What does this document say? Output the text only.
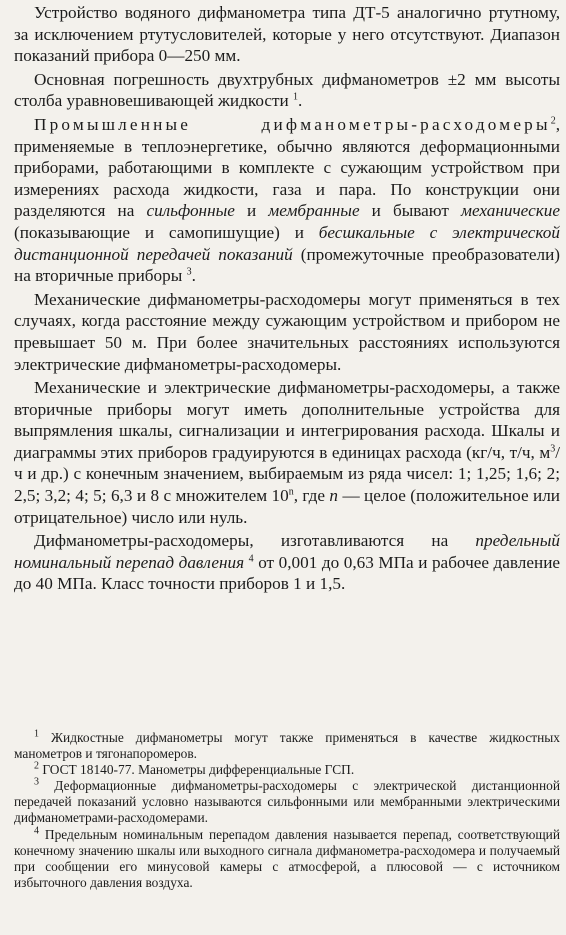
Устройство водяного дифманометра типа ДТ-5 аналогично ртутному, за исключением ртутусловителей, которые у него отсутствуют. Диапазон показаний прибора 0—250 мм.

Основная погрешность двухтрубных дифманометров ±2 мм высоты столба уравновешивающей жидкости $^1$.

Промышленные дифманометры-расходомеры$^2$, применяемые в теплоэнергетике, обычно являются деформационными приборами, работающими в комплекте с сужающим устройством при измерениях расхода жидкости, газа и пара. По конструкции они разделяются на сильфонные и мембранные и бывают механические (показывающие и самопишущие) и бесшкальные с электрической дистанционной передачей показаний (промежуточные преобразователи) на вторичные приборы $^3$.

Механические дифманометры-расходомеры могут применяться в тех случаях, когда расстояние между сужающим устройством и прибором не превышает 50 м. При более значительных расстояниях используются электрические дифманометры-расходомеры.

Механические и электрические дифманометры-расходомеры, а также вторичные приборы могут иметь дополнительные устройства для выпрямления шкалы, сигнализации и интегрирования расхода. Шкалы и диаграммы этих приборов градуируются в единицах расхода (кг/ч, т/ч, $м^3/ч$ и др.) с конечным значением, выбираемым из ряда чисел: 1; 1,25; 1,6; 2; 2,5; 3,2; 4; 5; 6,3 и 8 с множителем 10$^n$, где n — целое (положительное или отрицательное) число или нуль.

Дифманометры-расходомеры, изготавливаются на предельный номинальный перепад давления $^4$ от 0,001 до 0,63 МПа и рабочее давление до 40 МПа. Класс точности приборов 1 и 1,5.

$^1$ Жидкостные дифманометры могут также применяться в качестве жидкостных манометров и тягонапоромеров.

$^2$ ГОСТ 18140-77. Манометры дифференциальные ГСП.

$^3$ Деформационные дифманометры-расходомеры с электрической дистанционной передачей показаний условно называются сильфонными или мембранными электрическими дифманометрами-расходомерами.

$^4$ Предельным номинальным перепадом давления называется перепад, соответствующий конечному значению шкалы или выходного сигнала дифманометра-расходомера и получаемый при сообщении его минусовой камеры с атмосферой, а плюсовой — с источником избыточного давления воздуха.
